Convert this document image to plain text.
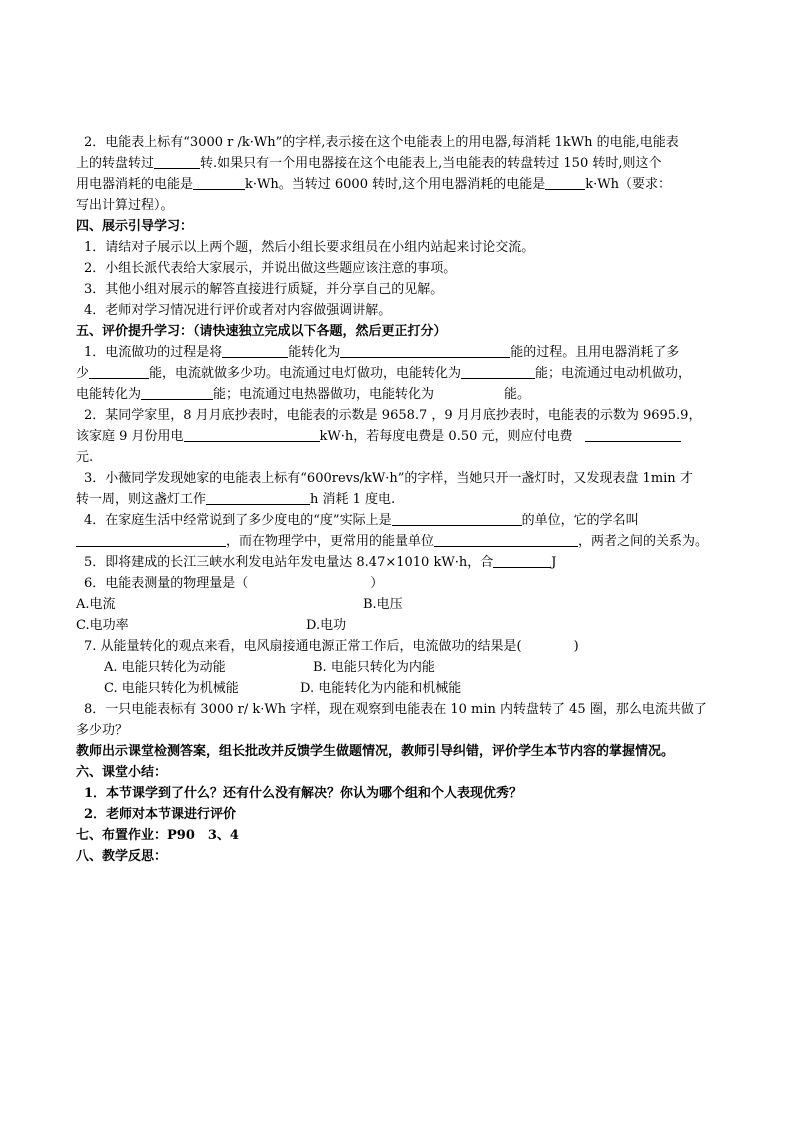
2．电能表上标有“3000 r /k·Wh”的字样,表示接在这个电能表上的用电器,每消耗 1kWh 的电能,电能表
上的转盘转过	转.如果只有一个用电器接在这个电能表上,当电能表的转盘转过 150 转时,则这个
用电器消耗的电能是	k·Wh。当转过 6000 转时,这个用电器消耗的电能是	k·Wh（要求：
写出计算过程）。
四、展示引导学习：
1．请结对子展示以上两个题，然后小组长要求组员在小组内站起来讨论交流。
2．小组长派代表给大家展示，并说出做这些题应该注意的事项。
3．其他小组对展示的解答直接进行质疑，并分享自己的见解。
4．老师对学习情况进行评价或者对内容做强调讲解。
五、评价提升学习：（请快速独立完成以下各题，然后更正打分）
1．电流做功的过程是将	能转化为	能的过程。且用电器消耗了多
少	能，电流就做多少功。电流通过电灯做功，电能转化为	能；电流通过电动机做功，
电能转化为	能；电流通过电热器做功，电能转化为	能。
2．某同学家里，8 月月底抄表时，电能表的示数是 9658.7 ，9 月月底抄表时，电能表的示数为 9695.9，
该家庭 9 月份用电	kW·h，若每度电费是 0.50 元，则应付电费
元.
3．小薇同学发现她家的电能表上标有“600revs/kW·h”的字样，当她只开一盏灯时，又发现表盘 1min 才
转一周，则这盏灯工作	h 消耗 1 度电.
4．在家庭生活中经常说到了多少度电的“度”实际上是	的单位，它的学名叫
，而在物理学中，更常用的能量单位	，两者之间的关系为。
5．即将建成的长江三峡水利发电站年发电量达 8.47×1010 kW·h，合	J
6．电能表测量的物理量是（	）
A.电流	B.电压
C.电功率	D.电功
7. 从能量转化的观点来看，电风扇接通电源正常工作后，电流做功的结果是(	)
A. 电能只转化为动能	B. 电能只转化为内能
C. 电能只转化为机械能	D. 电能转化为内能和机械能
8．一只电能表标有 3000 r/ k·Wh 字样，现在观察到电能表在 10 min 内转盘转了 45 圈，那么电流共做了
多少功？
教师出示课堂检测答案，组长批改并反馈学生做题情况，教师引导纠错，评价学生本节内容的掌握情况。
六、课堂小结：
1．本节课学到了什么？还有什么没有解决？你认为哪个组和个人表现优秀？
2．老师对本节课进行评价
七、布置作业：P90　3、4
八、教学反思：
